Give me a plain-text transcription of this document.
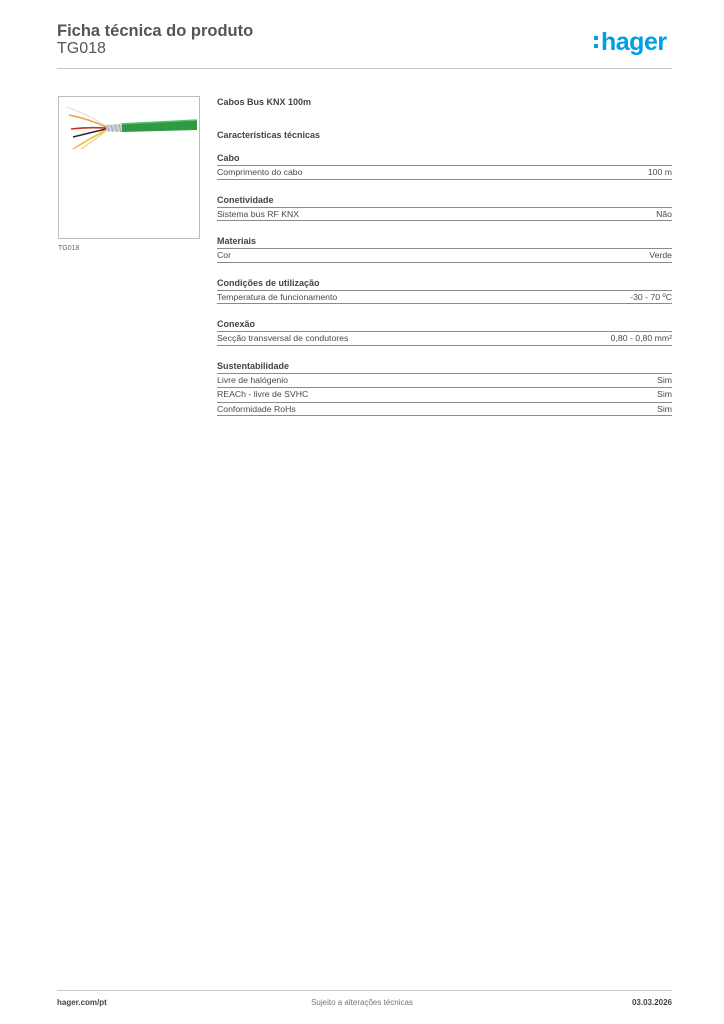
Ficha técnica do produto
TG018	hager
TG018
Cabos Bus KNX 100m
Características técnicas
Cabo
Comprimento do cabo	100 m
Conetividade
Sistema bus RF KNX	Não
Materiais
Cor	Verde
Condições de utilização
Temperatura de funcionamento	-30 - 70 ºC
Conexão
Secção transversal de condutores	0,80 - 0,80 mm²
Sustentabilidade
Livre de halógenio	Sim
REACh - livre de SVHC	Sim
Conformidade RoHs	Sim
hager.com/pt	Sujeito a alterações técnicas	03.03.2026
